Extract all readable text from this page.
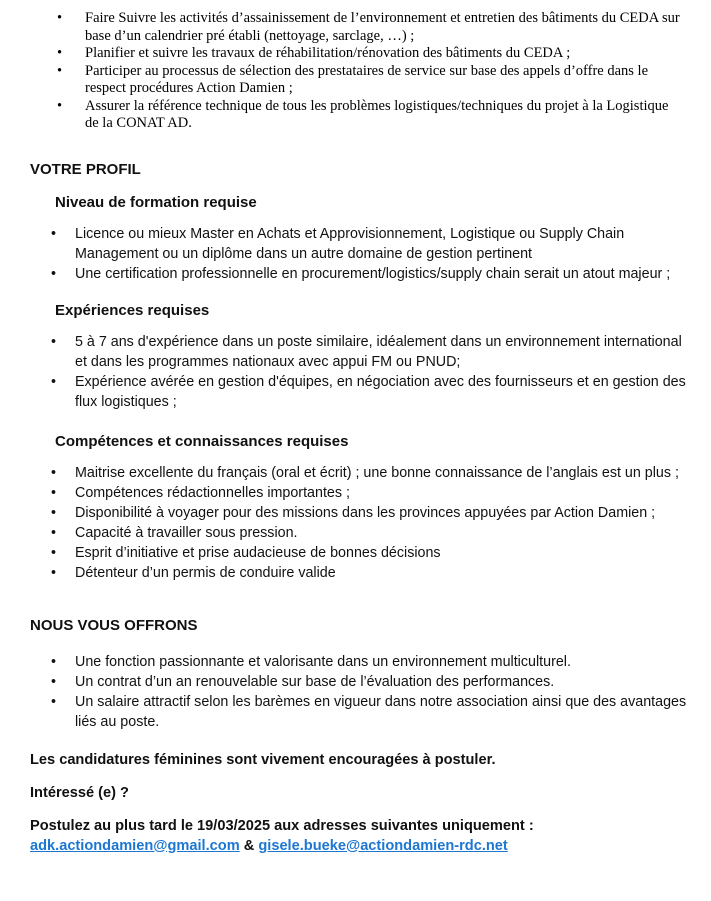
• Faire Suivre les activités d’assainissement de l’environnement et entretien des bâtiments du CEDA sur base d’un calendrier pré établi (nettoyage, sarclage, …) ;
• Planifier et suivre les travaux de réhabilitation/rénovation des bâtiments du CEDA ;
• Participer au processus de sélection des prestataires de service sur base des appels d’offre dans le respect procédures Action Damien ;
• Assurer la référence technique de tous les problèmes logistiques/techniques du projet à la Logistique de la CONAT AD.
VOTRE PROFIL
Niveau de formation requise
• Licence ou mieux Master en Achats et Approvisionnement, Logistique ou Supply Chain Management ou un diplôme dans un autre domaine de gestion pertinent
• Une certification professionnelle en procurement/logistics/supply chain serait un atout majeur ;
Expériences requises
• 5 à 7 ans d'expérience dans un poste similaire, idéalement dans un environnement international et dans les programmes nationaux avec appui FM ou PNUD;
• Expérience avérée en gestion d'équipes, en négociation avec des fournisseurs et en gestion des flux logistiques ;
Compétences et connaissances requises
• Maitrise excellente du français (oral et écrit) ; une bonne connaissance de l’anglais est un plus ;
• Compétences rédactionnelles importantes ;
• Disponibilité à voyager pour des missions dans les provinces appuyées par Action Damien ;
• Capacité à travailler sous pression.
• Esprit d’initiative et prise audacieuse de bonnes décisions
• Détenteur d’un permis de conduire valide
NOUS VOUS OFFRONS
• Une fonction passionnante et valorisante dans un environnement multiculturel.
• Un contrat d’un an renouvelable sur base de l’évaluation des performances.
• Un salaire attractif selon les barèmes en vigueur dans notre association ainsi que des avantages liés au poste.

Les candidatures féminines sont vivement encouragées à postuler.

Intéressé (e) ?

Postulez au plus tard le 19/03/2025 aux adresses suivantes uniquement :

adk.actiondamien@gmail.com & gisele.bueke@actiondamien-rdc.net
